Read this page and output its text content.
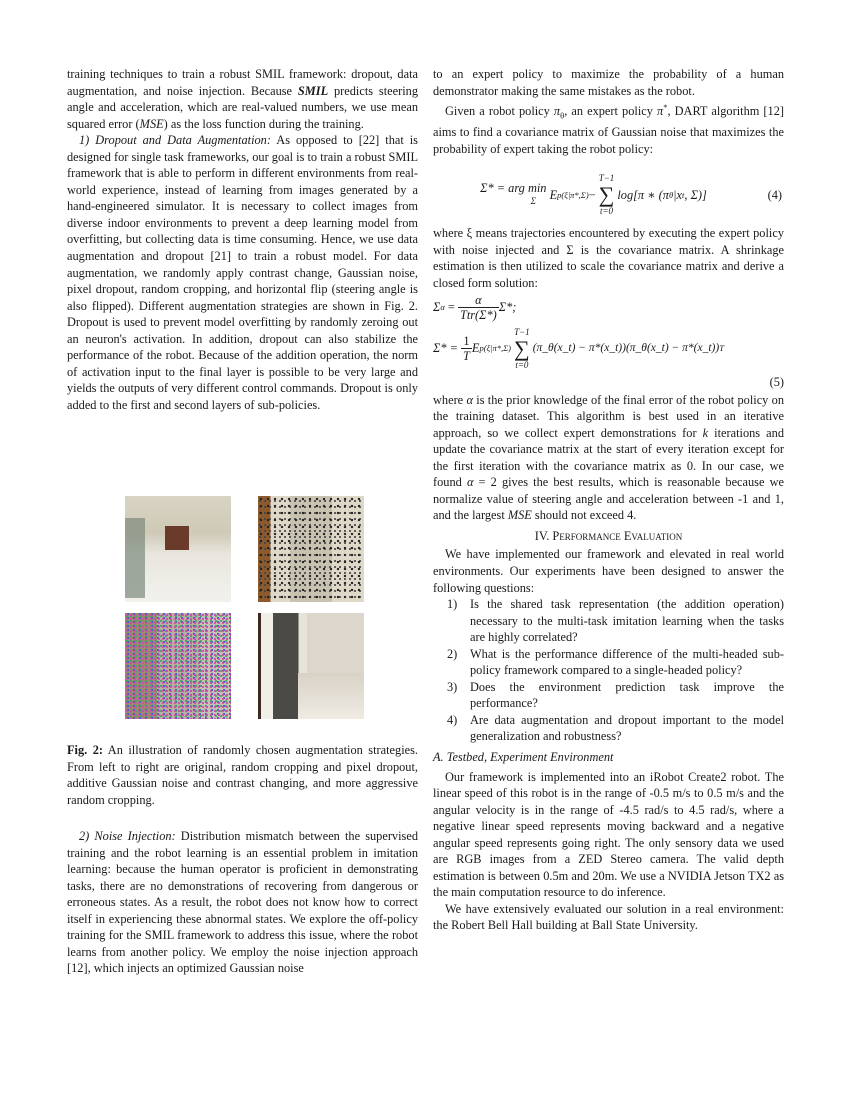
training techniques to train a robust SMIL framework: dropout, data augmentation, and noise injection. Because SMIL predicts steering angle and acceleration, which are real-valued numbers, we use mean squared error (MSE) as the loss function during the training.

1) Dropout and Data Augmentation: As opposed to [22] that is designed for single task frameworks, our goal is to train a robust SMIL framework that is able to perform in different environments from real-world experience, instead of learning from images generated by a hand-engineered simulator. It is necessary to collect images from diverse indoor environments to prevent a deep learning model from overfitting, but collecting data is time consuming. Hence, we use data augmentation and dropout [21] to train a robust model. For data augmentation, we randomly apply contrast change, Gaussian noise, pixel dropout, random cropping, and horizontal flip (steering angle is also flipped). Different augmentation strategies are shown in Fig. 2. Dropout is used to prevent model overfitting by randomly zeroing out an neuron's activation. In addition, dropout can also stabilize the performance of the robot. Because of the addition operation, the norm of activation input to the final layer is possible to be very large and yields the outputs of very different control commands. Dropout is only added to the first and second layers of sub-policies.

Fig. 2: An illustration of randomly chosen augmentation strategies. From left to right are original, random cropping and pixel dropout, additive Gaussian noise and contrast changing, and more aggressive random cropping.

2) Noise Injection: Distribution mismatch between the supervised training and the robot learning is an essential problem in imitation learning: because the human operator is proficient in demonstrating tasks, there are no demonstrations of recovering from dangerous or erroneous states. As a result, the robot does not know how to correct itself in experiencing these abnormal states. We explore the off-policy training for the SMIL framework to address this issue, where the robot learns from another policy. We employ the noise injection approach [12], which injects an optimized Gaussian noise

to an expert policy to maximize the probability of a human demonstrator making the same mistakes as the robot.

Given a robot policy $\pi_\theta$, an expert policy π*, DART algorithm [12] aims to find a covariance matrix of Gaussian noise that maximizes the probability of expert taking the robot policy:

Σ* = arg min
Σ
E p(ξ|π*,Σ) −
T−1
∑
t=0
log[π ∗ (π θ |x t , Σ)]	(4)

where ξ means trajectories encountered by executing the expert policy with noise injected and Σ is the covariance matrix. A shrinkage estimation is then utilized to scale the covariance matrix and derive a closed form solution:

Σ α =
α
Ttr(Σ*)
Σ*;
$\Sigma* = \frac{1}{T}$ E p(ξ|π*,Σ)
T−1
∑
t=0
(π_θ(x_t) − π*(x_t))(π_θ(x_t) − π*(x_t)) T
(5)

where α is the prior knowledge of the final error of the robot policy on the training dataset. This algorithm is best used in an iterative approach, so we collect expert demonstrations for k iterations and update the covariance matrix at the start of every iteration except for the first iteration with the covariance matrix as 0. In our case, we found α = 2 gives the best results, which is reasonable because we normalize value of steering angle and acceleration between -1 and 1, and the largest MSE should not exceed 4.

IV. Performance Evaluation

We have implemented our framework and elevated in real world environments. Our experiments have been designed to answer the following questions:

1) Is the shared task representation (the addition operation) necessary to the multi-task imitation learning when the tasks are highly correlated?
2) What is the performance difference of the multi-headed sub-policy framework compared to a single-headed policy?
3) Does the environment prediction task improve the performance?
4) Are data augmentation and dropout important to the model generalization and robustness?
A. Testbed, Experiment Environment

Our framework is implemented into an iRobot Create2 robot. The linear speed of this robot is in the range of -0.5 m/s to 0.5 m/s and the angular velocity is in the range of -4.5 rad/s to 4.5 rad/s, where a negative linear speed represents moving backward and a negative angular speed represents going right. The only sensory data we used are RGB images from a ZED Stereo camera. The valid depth estimation is between 0.5m and 20m. We use a NVIDIA Jetson TX2 as the main computation resource to do inference.

We have extensively evaluated our solution in a real environment: the Robert Bell Hall building at Ball State University.
